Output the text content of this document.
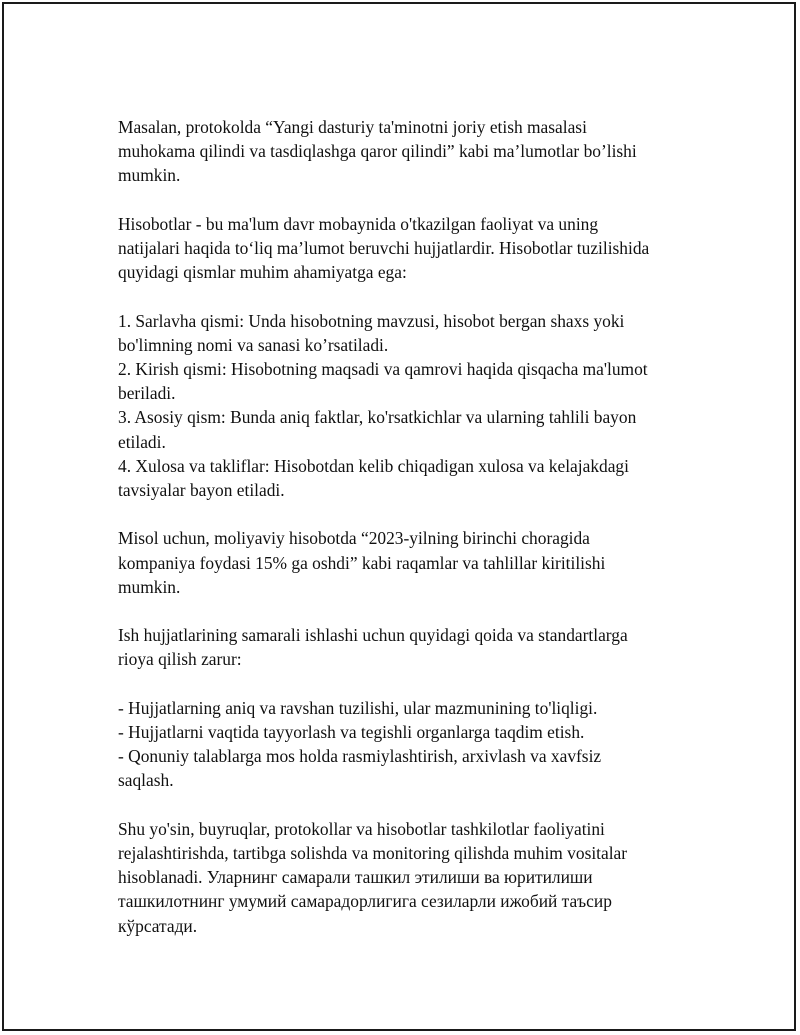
Masalan, protokolda “Yangi dasturiy ta'minotni joriy etish masalasi
muhokama qilindi va tasdiqlashga qaror qilindi” kabi ma’lumotlar bo’lishi
mumkin.
Hisobotlar - bu ma'lum davr mobaynida o'tkazilgan faoliyat va uning
natijalari haqida to‘liq ma’lumot beruvchi hujjatlardir. Hisobotlar tuzilishida
quyidagi qismlar muhim ahamiyatga ega:
1. Sarlavha qismi: Unda hisobotning mavzusi, hisobot bergan shaxs yoki
bo'limning nomi va sanasi ko’rsatiladi.
2. Kirish qismi: Hisobotning maqsadi va qamrovi haqida qisqacha ma'lumot
beriladi.
3. Asosiy qism: Bunda aniq faktlar, ko'rsatkichlar va ularning tahlili bayon
etiladi.
4. Xulosa va takliflar: Hisobotdan kelib chiqadigan xulosa va kelajakdagi
tavsiyalar bayon etiladi.
Misol uchun, moliyaviy hisobotda “2023-yilning birinchi choragida
kompaniya foydasi 15% ga oshdi” kabi raqamlar va tahlillar kiritilishi
mumkin.
Ish hujjatlarining samarali ishlashi uchun quyidagi qoida va standartlarga
rioya qilish zarur:
- Hujjatlarning aniq va ravshan tuzilishi, ular mazmunining to'liqligi.
- Hujjatlarni vaqtida tayyorlash va tegishli organlarga taqdim etish.
- Qonuniy talablarga mos holda rasmiylashtirish, arxivlash va xavfsiz
saqlash.
Shu yo'sin, buyruqlar, protokollar va hisobotlar tashkilotlar faoliyatini
rejalashtirishda, tartibga solishda va monitoring qilishda muhim vositalar
hisoblanadi. Уларнинг самарали ташкил этилиши ва юритилиши
ташкилотнинг умумий самарадорлигига сезиларли ижобий таъсир
кўрсатади.
